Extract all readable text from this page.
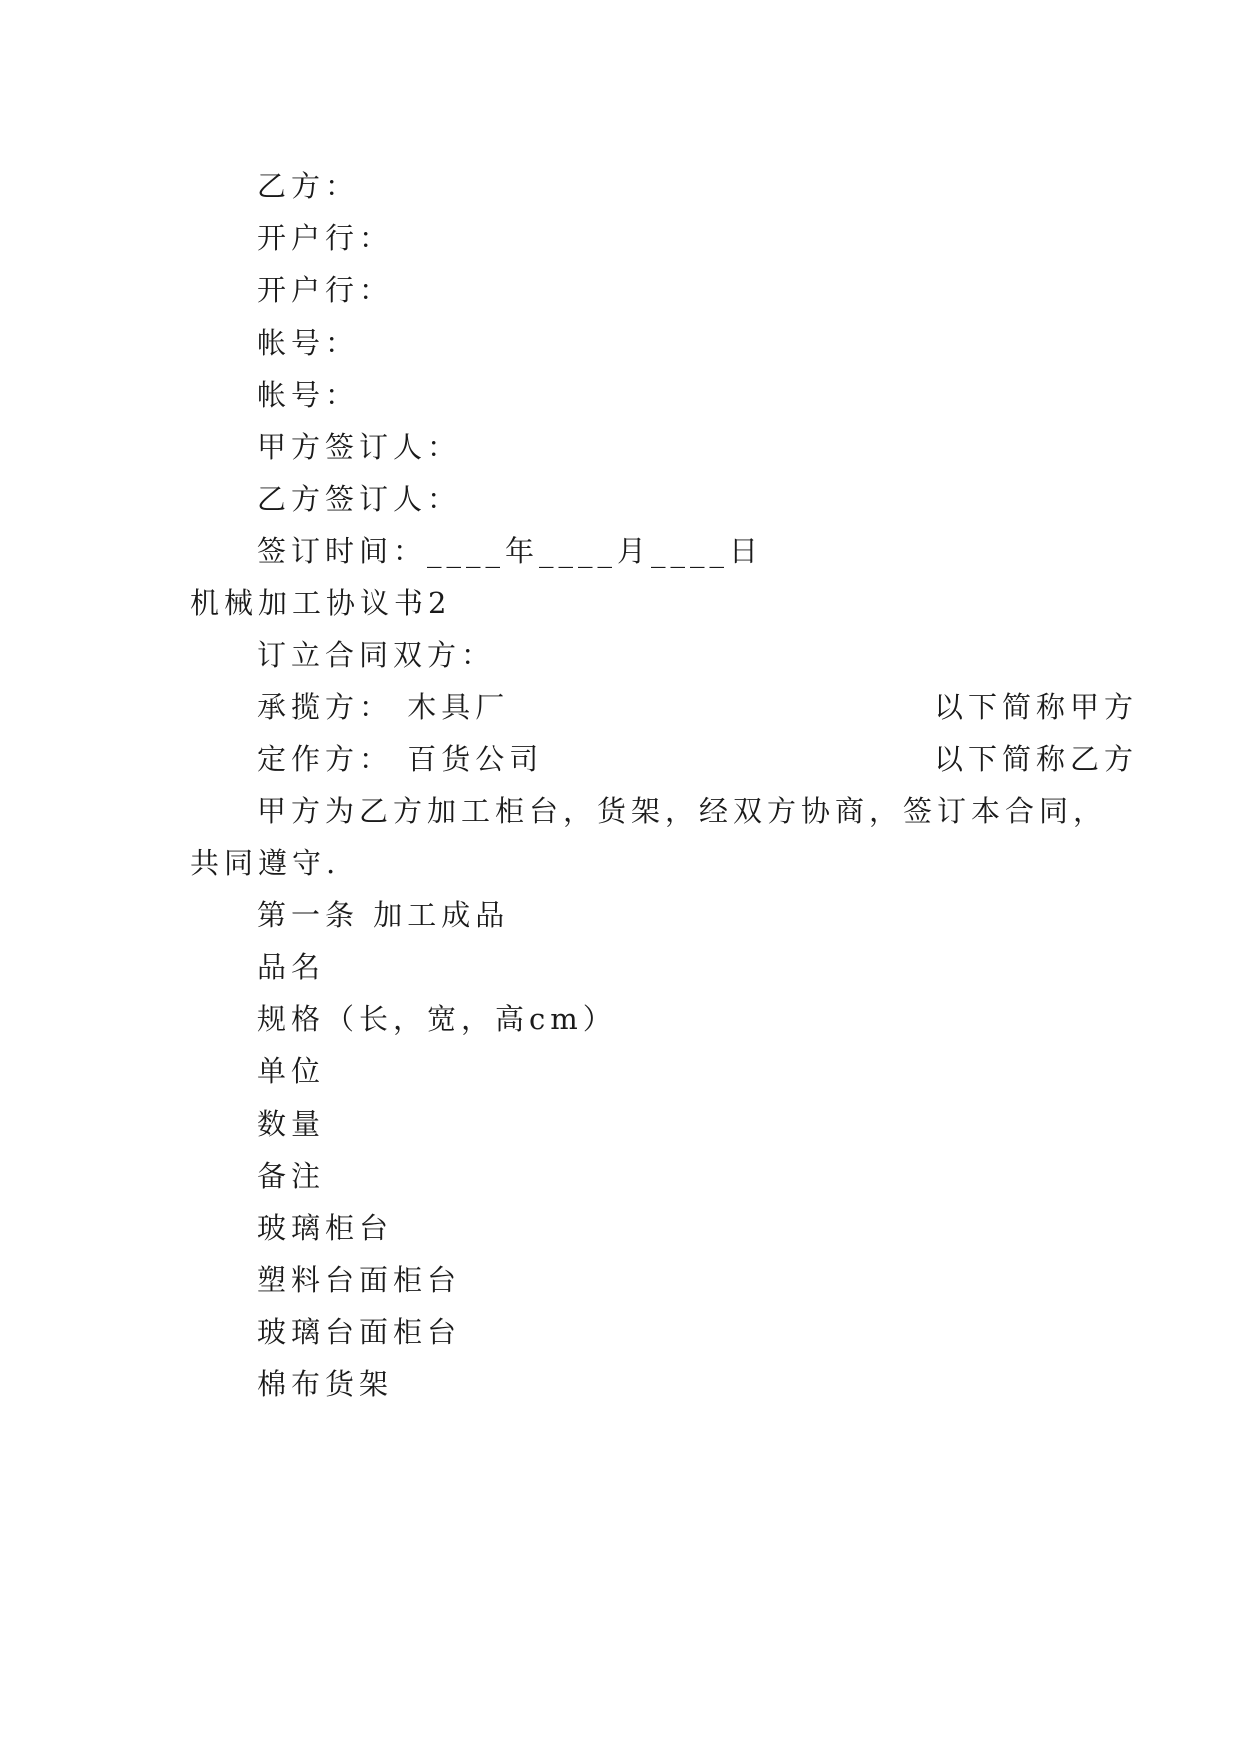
乙方：
开户行：
开户行：
帐号：
帐号：
甲方签订人：
乙方签订人：
签订时间：____年____月____日
机械加工协议书2
订立合同双方：
承揽方： 木具厂	以下简称甲方
定作方： 百货公司	以下简称乙方
甲方为乙方加工柜台，货架，经双方协商，签订本合同，
共同遵守.
第一条 加工成品
品名
规格（长，宽，高cm）
单位
数量
备注
玻璃柜台
塑料台面柜台
玻璃台面柜台
棉布货架
